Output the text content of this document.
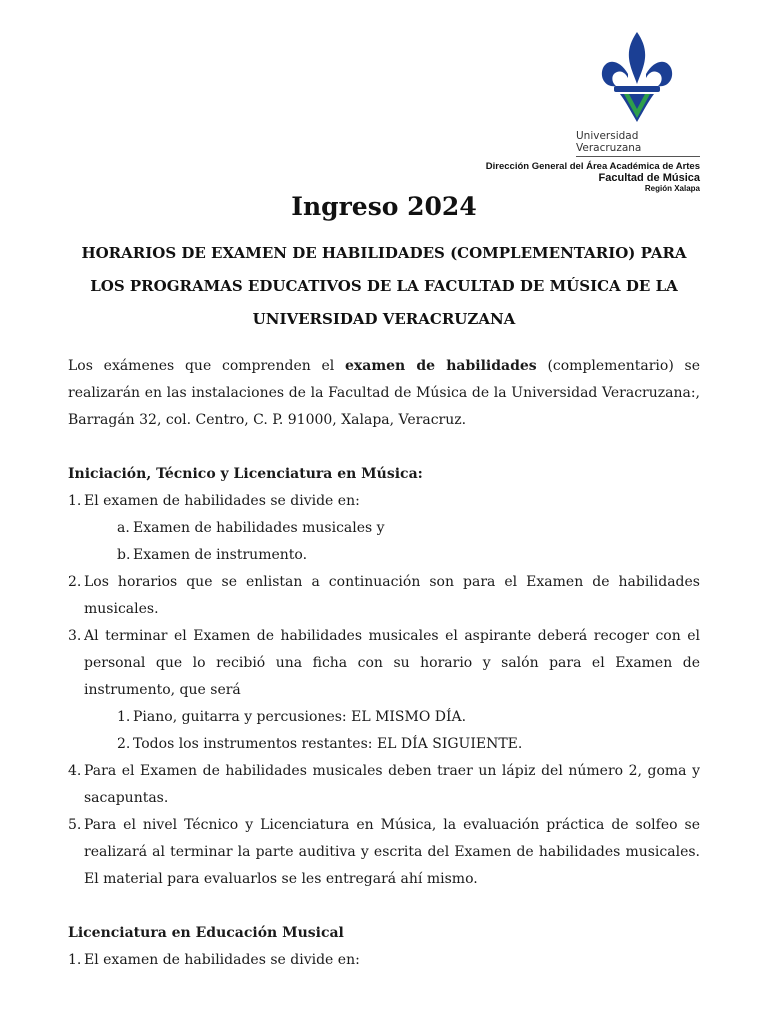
Universidad Veracruzana
Dirección General del Área Académica de Artes
Facultad de Música
Región Xalapa
Ingreso 2024
HORARIOS DE EXAMEN DE HABILIDADES (COMPLEMENTARIO) PARA LOS PROGRAMAS EDUCATIVOS DE LA FACULTAD DE MÚSICA DE LA UNIVERSIDAD VERACRUZANA

Los exámenes que comprenden el examen de habilidades (complementario) se realizarán en las instalaciones de la Facultad de Música de la Universidad Veracruzana:, Barragán 32, col. Centro, C. P. 91000, Xalapa, Veracruz.

Iniciación, Técnico y Licenciatura en Música:

1. El examen de habilidades se divide en:
a. Examen de habilidades musicales y
b. Examen de instrumento.
2. Los horarios que se enlistan a continuación son para el Examen de habilidades musicales.
3. Al terminar el Examen de habilidades musicales el aspirante deberá recoger con el personal que lo recibió una ficha con su horario y salón para el Examen de instrumento, que será
1. Piano, guitarra y percusiones: EL MISMO DÍA.
2. Todos los instrumentos restantes: EL DÍA SIGUIENTE.
4. Para el Examen de habilidades musicales deben traer un lápiz del número 2, goma y sacapuntas.
5. Para el nivel Técnico y Licenciatura en Música, la evaluación práctica de solfeo se realizará al terminar la parte auditiva y escrita del Examen de habilidades musicales. El material para evaluarlos se les entregará ahí mismo.

Licenciatura en Educación Musical

1. El examen de habilidades se divide en:
